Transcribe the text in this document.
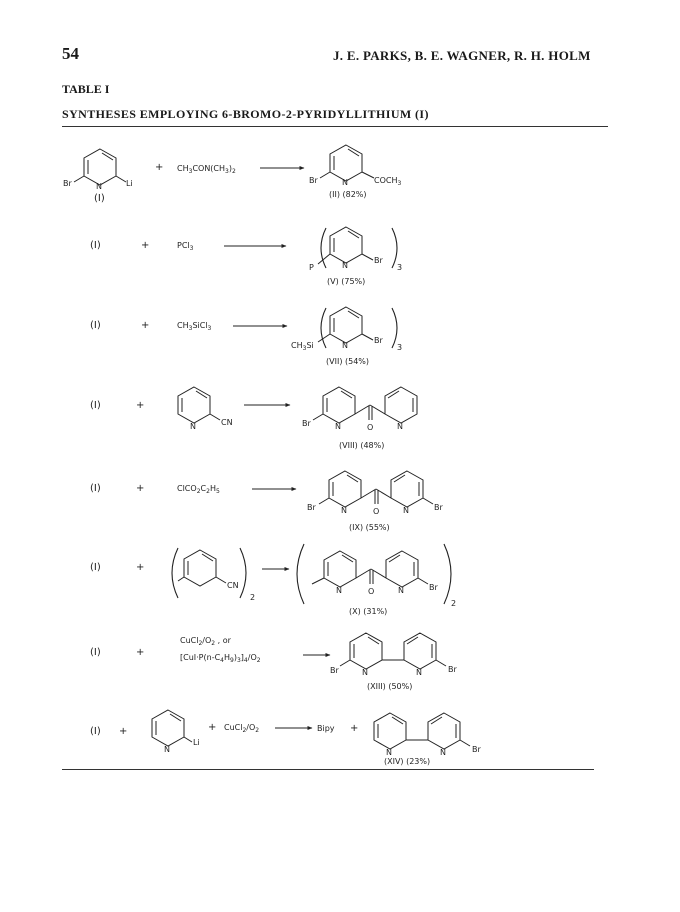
54	J. E. PARKS, B. E. WAGNER, R. H. HOLM
TABLE I
SYNTHESES EMPLOYING 6-BROMO-2-PYRIDYLLITHIUM (I)
Br	N	Li
(I)
+ $CH_3CON(CH_3)_2$
Br	N	$COCH_3$
(II) (82%)
(I)	+	PCl$_3$
P	N
Br
3
(V) (75%)
(I)	+	$CH_3SiCl_3$
$CH_3Si$	N
Br
3
(VII) (54%)
(I)	+
N	CN	Br	N	O	N
(VIII) (48%)
(I)	+	$ClCO_2C_2H_5$
Br	N	O	N	Br
(IX) (55%)
(I)	+
CN
2
N	O	N	Br
2
(X) (31%)
(I)	+
$CuCl_2/O_2$ , or
$[CuI\cdot P(n-C_4H_9)_3]_4/O_2$
Br	N	N	Br
(XIII) (50%)
(I) +
N
Li
+ $CuCl_2/O_2$	Bipy +
N	N	Br
(XIV) (23%)
